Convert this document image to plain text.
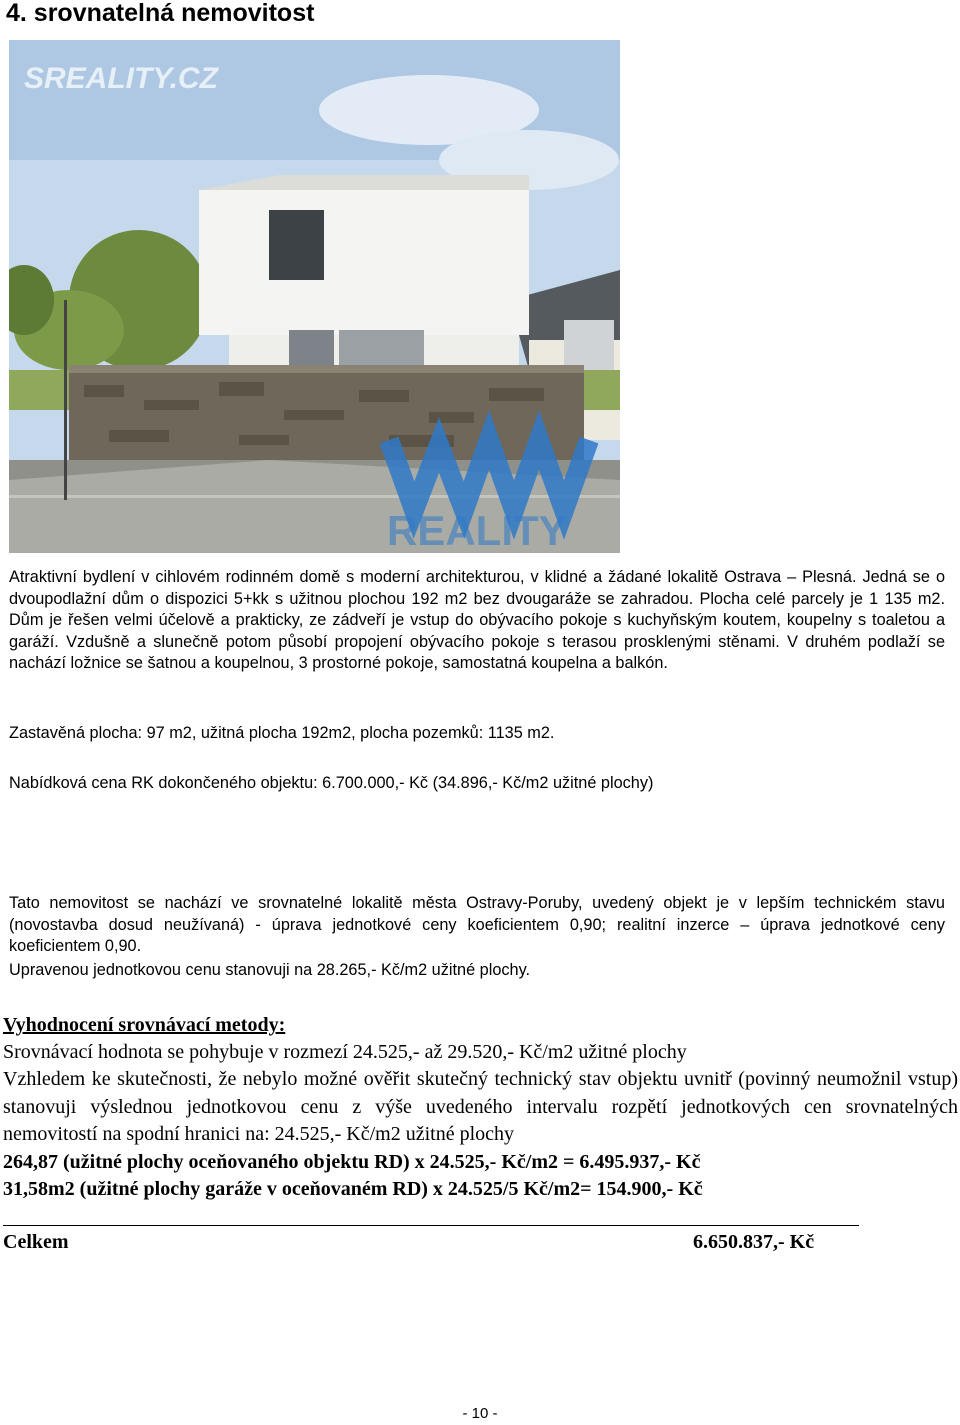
4. srovnatelná nemovitost
SREALITY.CZ
REALITY

Atraktivní bydlení v cihlovém rodinném domě s moderní architekturou, v klidné a žádané lokalitě Ostrava – Plesná. Jedná se o dvoupodlažní dům o dispozici 5+kk s užitnou plochou 192 m2 bez dvougaráže se zahradou. Plocha celé parcely je 1 135 m2. Dům je řešen velmi účelově a prakticky, ze zádveří je vstup do obývacího pokoje s kuchyňským koutem, koupelny s toaletou a garáží. Vzdušně a slunečně potom působí propojení obývacího pokoje s terasou prosklenými stěnami. V druhém podlaží se nachází ložnice se šatnou a koupelnou, 3 prostorné pokoje, samostatná koupelna a balkón.

Zastavěná plocha: 97 m2, užitná plocha 192m2, plocha pozemků: 1135 m2.

Nabídková cena RK dokončeného objektu: 6.700.000,- Kč (34.896,- Kč/m2 užitné plochy)

Tato nemovitost se nachází ve srovnatelné lokalitě města Ostravy-Poruby, uvedený objekt je v lepším technickém stavu (novostavba dosud neužívaná) - úprava jednotkové ceny koeficientem 0,90; realitní inzerce – úprava jednotkové ceny koeficientem 0,90.

Upravenou jednotkovou cenu stanovuji na 28.265,- Kč/m2 užitné plochy.

Vyhodnocení srovnávací metody:

Srovnávací hodnota se pohybuje v rozmezí 24.525,- až 29.520,- Kč/m2 užitné plochy

Vzhledem ke skutečnosti, že nebylo možné ověřit skutečný technický stav objektu uvnitř (povinný neumožnil vstup) stanovuji výslednou jednotkovou cenu z výše uvedeného intervalu rozpětí jednotkových cen srovnatelných nemovitostí na spodní hranici na: 24.525,- Kč/m2 užitné plochy

264,87 (užitné plochy oceňovaného objektu RD) x 24.525,- Kč/m2 = 6.495.937,- Kč

31,58m2 (užitné plochy garáže v oceňovaném RD) x 24.525/5 Kč/m2= 154.900,- Kč

Celkem	6.650.837,- Kč

- 10 -
